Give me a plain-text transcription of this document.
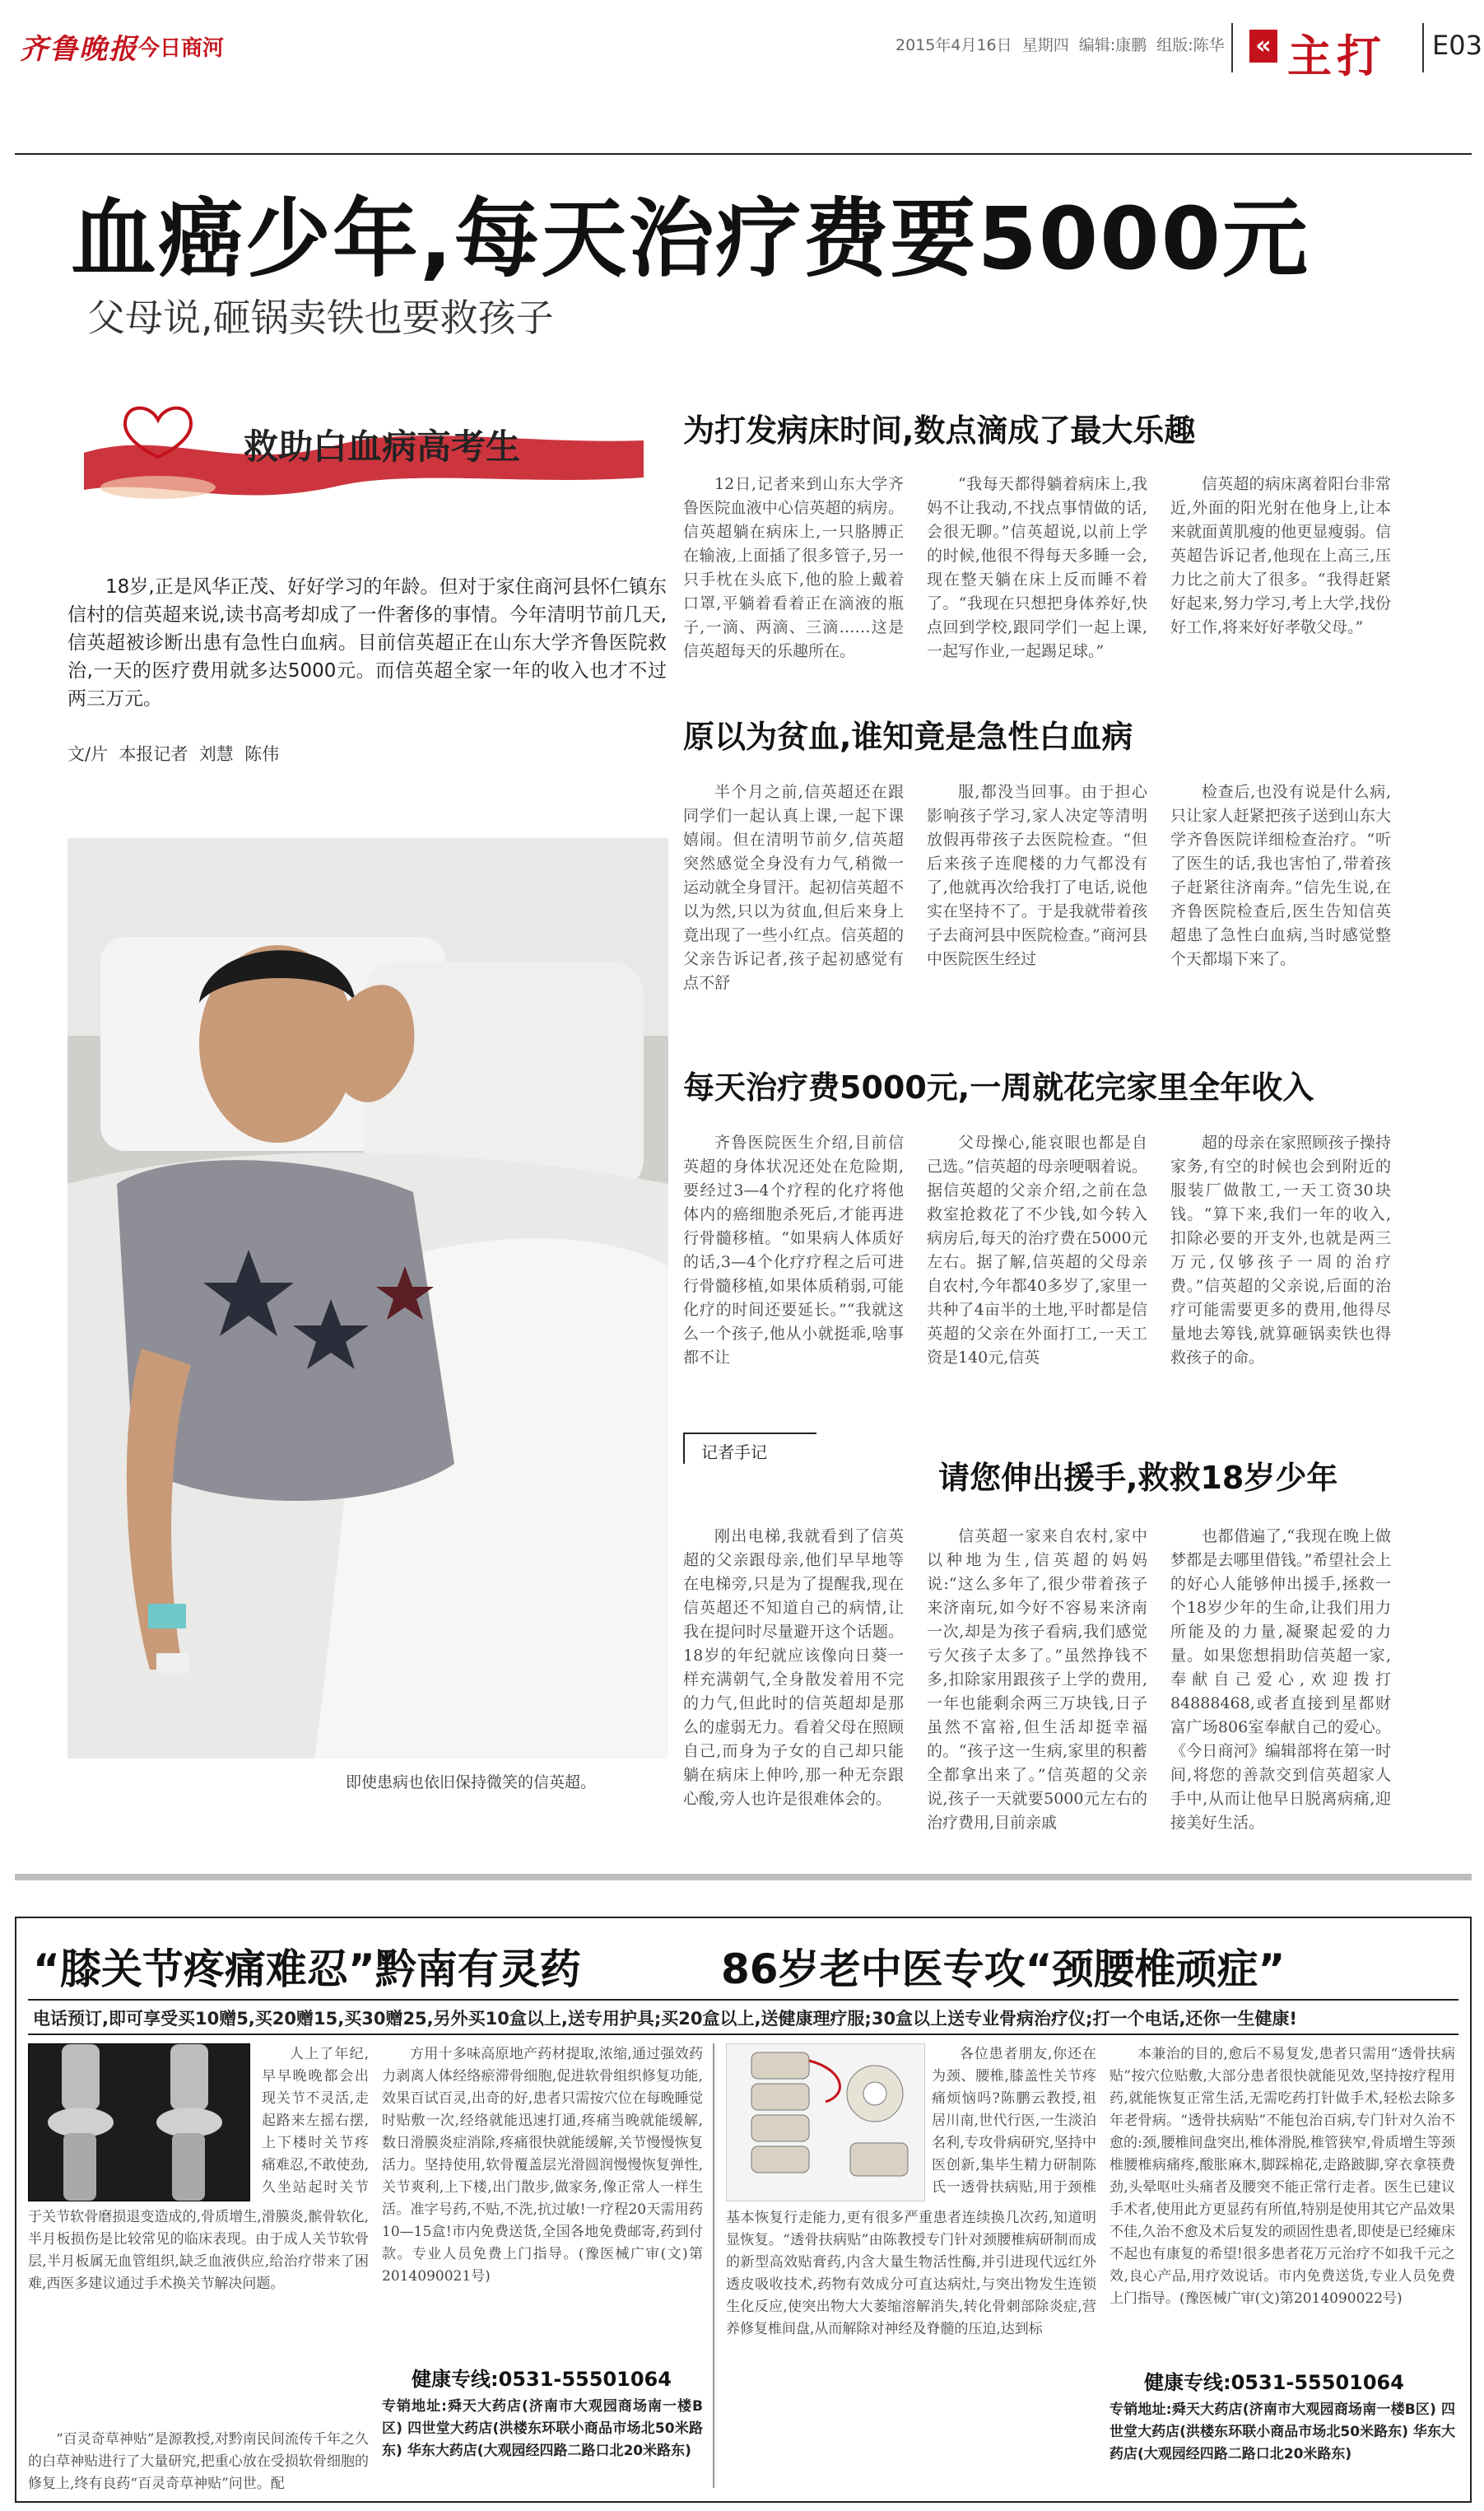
齐鲁晚报 今日商河	2015年4月16日  星期四  编辑:康鹏  组版:陈华 « 主打 E03
血癌少年,每天治疗费要5000元
父母说,砸锅卖铁也要救孩子
救助白血病高考生
18岁,正是风华正茂、好好学习的年龄。但对于家住商河县怀仁镇东信村的信英超来说,读书高考却成了一件奢侈的事情。今年清明节前几天,信英超被诊断出患有急性白血病。目前信英超正在山东大学齐鲁医院救治,一天的医疗费用就多达5000元。而信英超全家一年的收入也才不过两三万元。
文/片  本报记者  刘慧  陈伟
即使患病也依旧保持微笑的信英超。
为打发病床时间,数点滴成了最大乐趣

12日,记者来到山东大学齐鲁医院血液中心信英超的病房。信英超躺在病床上,一只胳膊正在输液,上面插了很多管子,另一只手枕在头底下,他的脸上戴着口罩,平躺着看着正在滴液的瓶子,一滴、两滴、三滴……这是信英超每天的乐趣所在。

“我每天都得躺着病床上,我妈不让我动,不找点事情做的话,会很无聊。”信英超说,以前上学的时候,他很不得每天多睡一会,现在整天躺在床上反而睡不着了。“我现在只想把身体养好,快点回到学校,跟同学们一起上课,一起写作业,一起踢足球。”

信英超的病床离着阳台非常近,外面的阳光射在他身上,让本来就面黄肌瘦的他更显瘦弱。信英超告诉记者,他现在上高三,压力比之前大了很多。“我得赶紧好起来,努力学习,考上大学,找份好工作,将来好好孝敬父母。”

原以为贫血,谁知竟是急性白血病

半个月之前,信英超还在跟同学们一起认真上课,一起下课嬉闹。但在清明节前夕,信英超突然感觉全身没有力气,稍微一运动就全身冒汗。起初信英超不以为然,只以为贫血,但后来身上竟出现了一些小红点。信英超的父亲告诉记者,孩子起初感觉有点不舒

服,都没当回事。由于担心影响孩子学习,家人决定等清明放假再带孩子去医院检查。“但后来孩子连爬楼的力气都没有了,他就再次给我打了电话,说他实在坚持不了。于是我就带着孩子去商河县中医院检查。”商河县中医院医生经过

检查后,也没有说是什么病,只让家人赶紧把孩子送到山东大学齐鲁医院详细检查治疗。“听了医生的话,我也害怕了,带着孩子赶紧往济南奔。”信先生说,在齐鲁医院检查后,医生告知信英超患了急性白血病,当时感觉整个天都塌下来了。

每天治疗费5000元,一周就花完家里全年收入

齐鲁医院医生介绍,目前信英超的身体状况还处在危险期,要经过3—4个疗程的化疗将他体内的癌细胞杀死后,才能再进行骨髓移植。“如果病人体质好的话,3—4个化疗疗程之后可进行骨髓移植,如果体质稍弱,可能化疗的时间还要延长。”“我就这么一个孩子,他从小就挺乖,啥事都不让

父母操心,能哀眼也都是自己选。”信英超的母亲哽咽着说。据信英超的父亲介绍,之前在急救室抢救花了不少钱,如今转入病房后,每天的治疗费在5000元左右。据了解,信英超的父母亲自农村,今年都40多岁了,家里一共种了4亩半的土地,平时都是信英超的父亲在外面打工,一天工资是140元,信英

超的母亲在家照顾孩子操持家务,有空的时候也会到附近的服装厂做散工,一天工资30块钱。“算下来,我们一年的收入,扣除必要的开支外,也就是两三万元,仅够孩子一周的治疗费。”信英超的父亲说,后面的治疗可能需要更多的费用,他得尽量地去筹钱,就算砸锅卖铁也得救孩子的命。

记者手记
请您伸出援手,救救18岁少年

刚出电梯,我就看到了信英超的父亲跟母亲,他们早早地等在电梯旁,只是为了提醒我,现在信英超还不知道自己的病情,让我在提问时尽量避开这个话题。18岁的年纪就应该像向日葵一样充满朝气,全身散发着用不完的力气,但此时的信英超却是那么的虚弱无力。看着父母在照顾自己,而身为子女的自己却只能躺在病床上伸吟,那一种无奈跟心酸,旁人也许是很难体会的。

信英超一家来自农村,家中以种地为生,信英超的妈妈说:“这么多年了,很少带着孩子来济南玩,如今好不容易来济南一次,却是为孩子看病,我们感觉亏欠孩子太多了。”虽然挣钱不多,扣除家用跟孩子上学的费用,一年也能剩余两三万块钱,日子虽然不富裕,但生活却挺幸福的。“孩子这一生病,家里的积蓄全都拿出来了。”信英超的父亲说,孩子一天就要5000元左右的治疗费用,目前亲戚

也都借遍了,“我现在晚上做梦都是去哪里借钱。”希望社会上的好心人能够伸出援手,拯救一个18岁少年的生命,让我们用力所能及的力量,凝聚起爱的力量。如果您想捐助信英超一家,奉献自己爱心,欢迎拨打84888468,或者直接到星都财富广场806室奉献自己的爱心。《今日商河》编辑部将在第一时间,将您的善款交到信英超家人手中,从而让他早日脱离病痛,迎接美好生活。

“膝关节疼痛难忍”黔南有灵药	86岁老中医专攻“颈腰椎顽症”
电话预订,即可享受买10赠5,买20赠15,买30赠25,另外买10盒以上,送专用护具;买20盒以上,送健康理疗服;30盒以上送专业骨病治疗仪;打一个电话,还你一生健康!

人上了年纪,早早晚晚都会出现关节不灵活,走起路来左摇右摆,上下楼时关节疼痛难忍,不敢使劲,久坐站起时关节

于关节软骨磨损退变造成的,骨质增生,滑膜炎,髌骨软化,半月板损伤是比较常见的临床表现。由于成人关节软骨层,半月板属无血管组织,缺乏血液供应,给治疗带来了困难,西医多建议通过手术换关节解决问题。

“百灵奇草神贴”是源教授,对黔南民间流传千年之久的白草神贴进行了大量研究,把重心放在受损软骨细胞的修复上,终有良药“百灵奇草神贴”问世。配

方用十多味高原地产药材提取,浓缩,通过强效药力剥离人体经络瘀滞骨细胞,促进软骨组织修复功能,效果百试百灵,出奇的好,患者只需按穴位在每晚睡觉时贴敷一次,经络就能迅速打通,疼痛当晚就能缓解,数日滑膜炎症消除,疼痛很快就能缓解,关节慢慢恢复活力。坚持使用,软骨覆盖层光滑圆润慢慢恢复弹性,关节爽利,上下楼,出门散步,做家务,像正常人一样生活。准字号药,不贴,不洗,抗过敏!一疗程20天需用药10—15盒!市内免费送货,全国各地免费邮寄,药到付款。专业人员免费上门指导。(豫医械广审(文)第2014090021号)

健康专线:0531-55501064
专销地址:舜天大药店(济南市大观园商场南一楼B区) 四世堂大药店(洪楼东环联小商品市场北50米路东) 华东大药店(大观园经四路二路口北20米路东)

各位患者朋友,你还在为颈、腰椎,膝盖性关节疼痛烦恼吗?陈鹏云教授,祖居川南,世代行医,一生淡泊名利,专攻骨病研究,坚持中医创新,集毕生精力研制陈氏一透骨扶病贴,用于颈椎

基本恢复行走能力,更有很多严重患者连续换几次药,知道明显恢复。“透骨扶病贴”由陈教授专门针对颈腰椎病研制而成的新型高效贴膏药,内含大量生物活性酶,并引进现代远红外透皮吸收技术,药物有效成分可直达病灶,与突出物发生连锁生化反应,使突出物大大萎缩溶解消失,转化骨刺部除炎症,营养修复椎间盘,从而解除对神经及脊髓的压迫,达到标

本兼治的目的,愈后不易复发,患者只需用“透骨扶病贴”按穴位贴敷,大部分患者很快就能见效,坚持按疗程用药,就能恢复正常生活,无需吃药打针做手术,轻松去除多年老骨病。“透骨扶病贴”不能包治百病,专门针对久治不愈的:颈,腰椎间盘突出,椎体滑脱,椎管狭窄,骨质增生等颈椎腰椎病痛疼,酸胀麻木,脚踩棉花,走路跛脚,穿衣拿筷费劲,头晕呕吐头痛者及腰突不能正常行走者。医生已建议手术者,使用此方更显药有所值,特别是使用其它产品效果不佳,久治不愈及术后复发的顽固性患者,即使是已经瘫床不起也有康复的希望!很多患者花万元治疗不如我千元之效,良心产品,用疗效说话。市内免费送货,专业人员免费上门指导。(豫医械广审(文)第2014090022号)

健康专线:0531-55501064
专销地址:舜天大药店(济南市大观园商场南一楼B区) 四世堂大药店(洪楼东环联小商品市场北50米路东) 华东大药店(大观园经四路二路口北20米路东)
